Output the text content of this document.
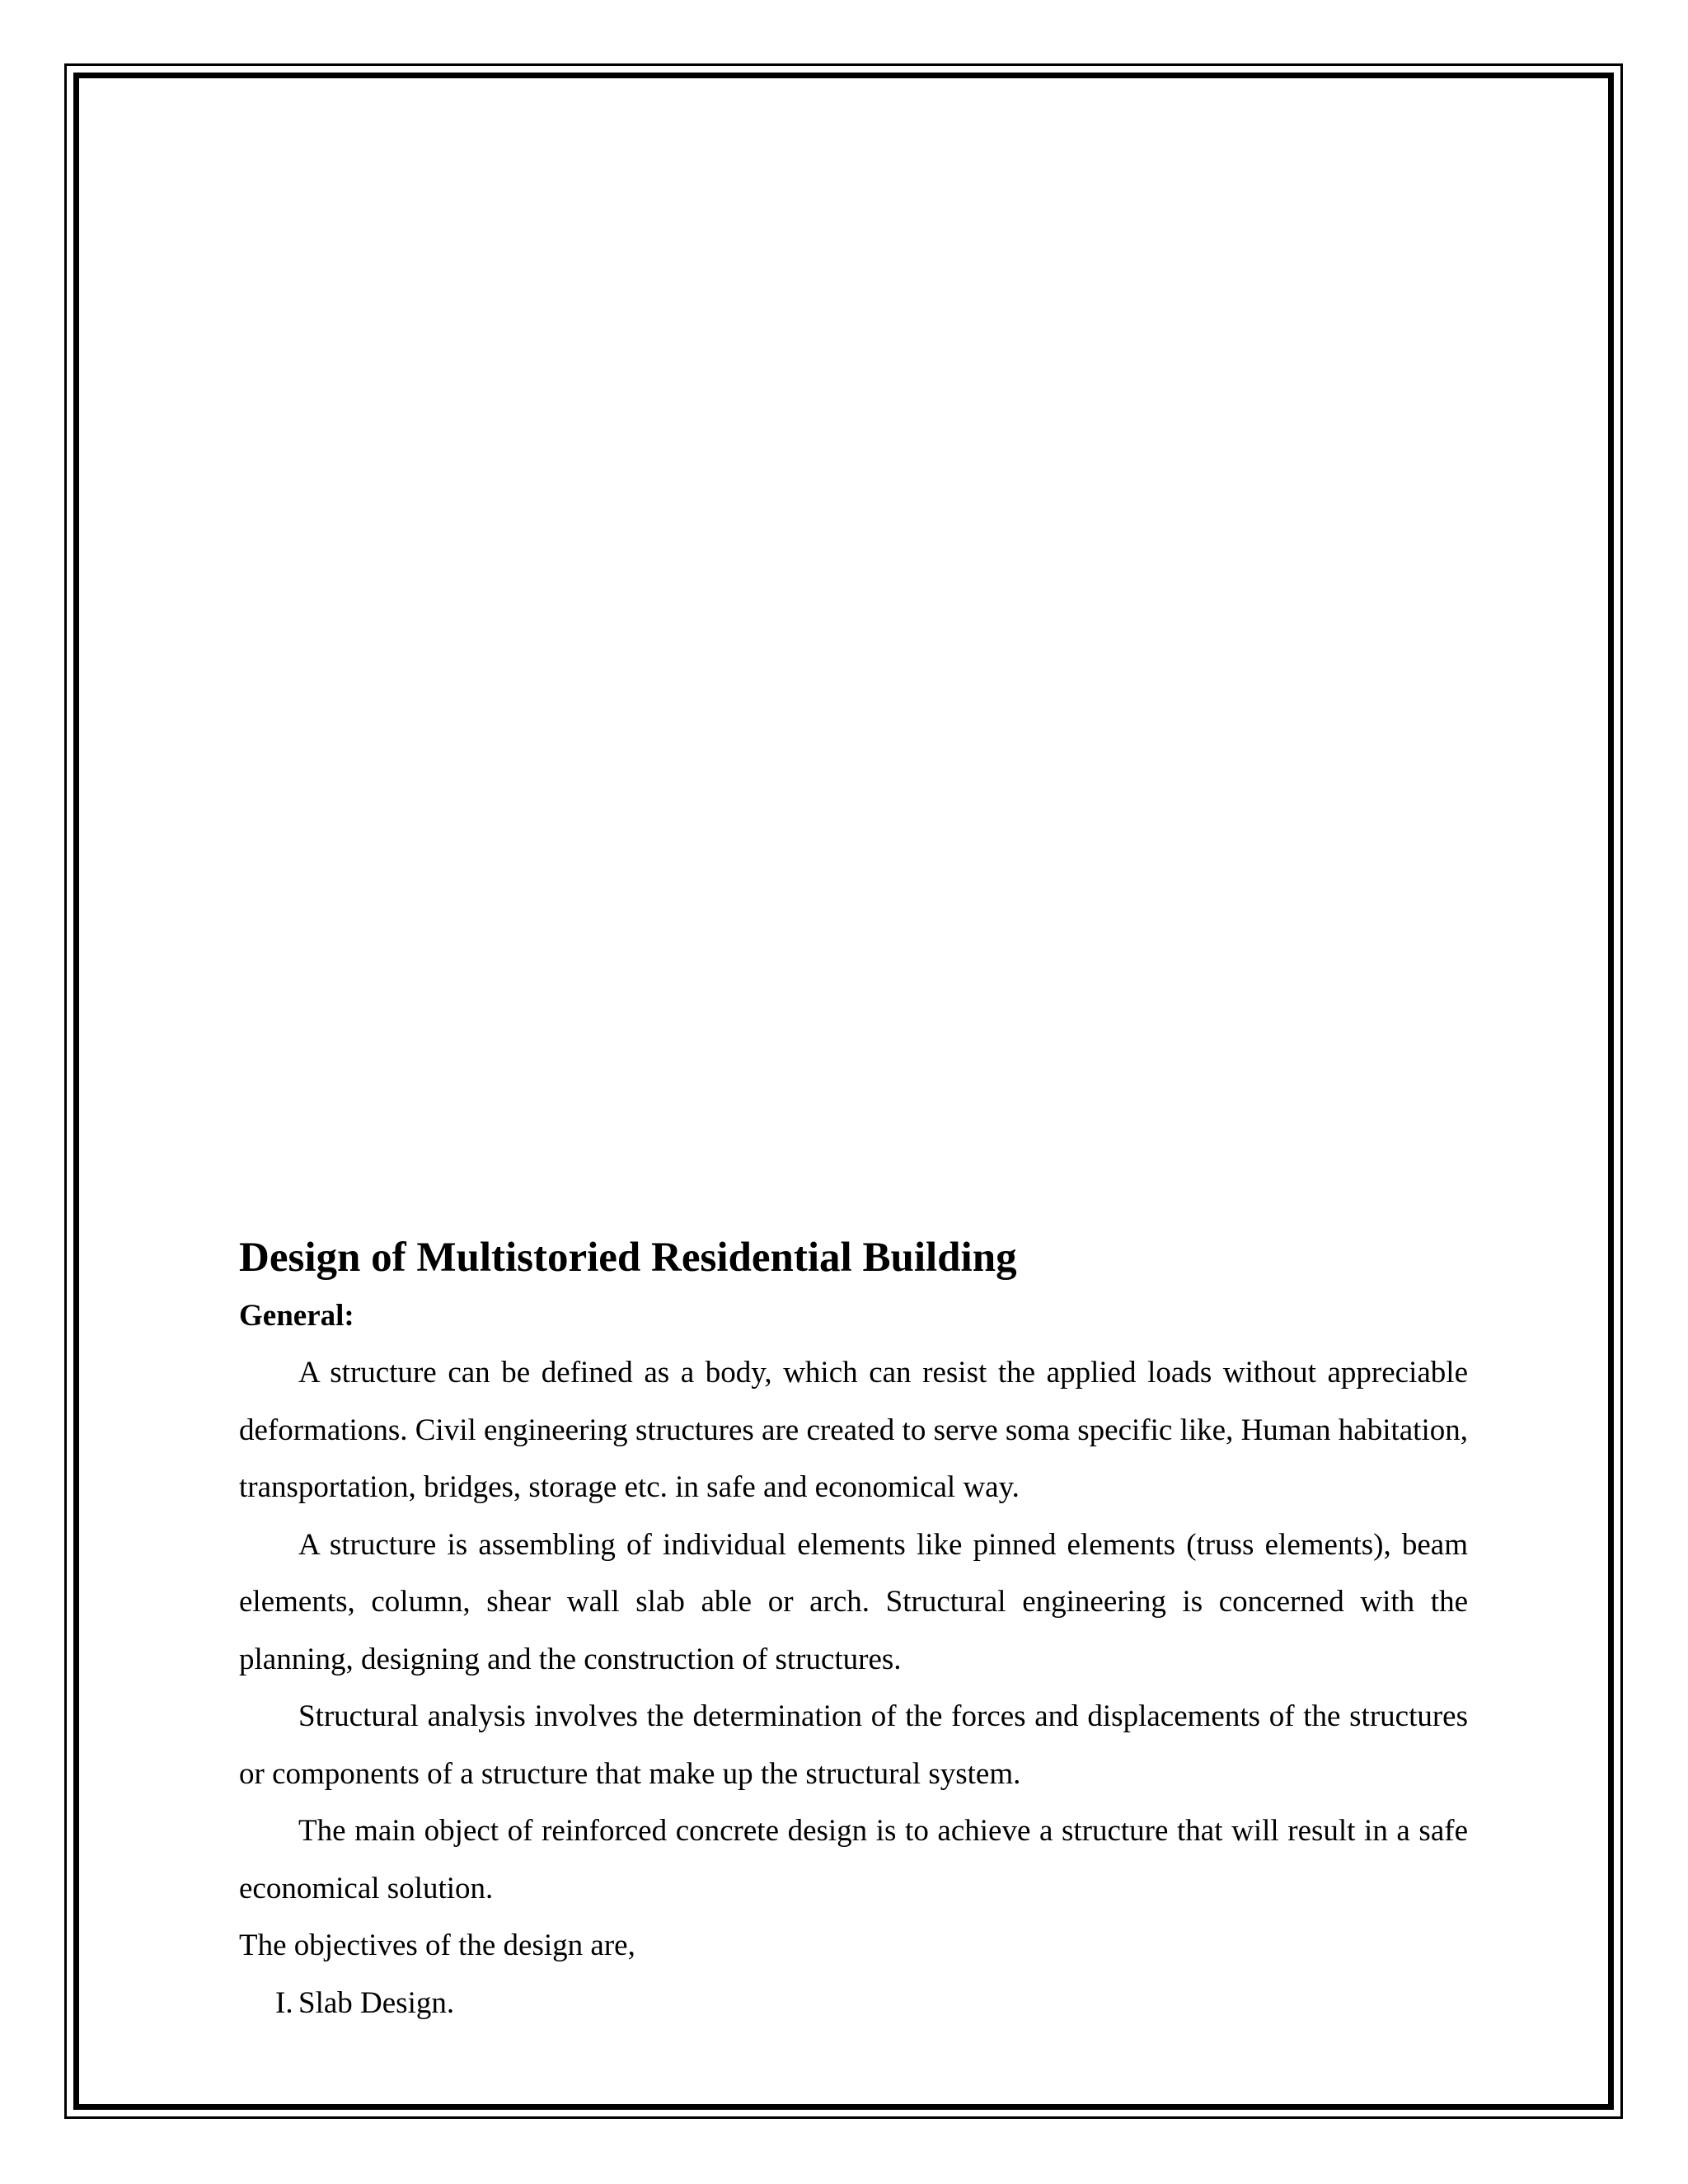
Design of Multistoried Residential Building
General:

A structure can be defined as a body, which can resist the applied loads without appreciable deformations. Civil engineering structures are created to serve soma specific like, Human habitation, transportation, bridges, storage etc. in safe and economical way.

A structure is assembling of individual elements like pinned elements (truss elements), beam elements, column, shear wall slab able or arch. Structural engineering is concerned with the planning, designing and the construction of structures.

Structural analysis involves the determination of the forces and displacements of the structures or components of a structure that make up the structural system.

The main object of reinforced concrete design is to achieve a structure that will result in a safe economical solution.

The objectives of the design are,

I. Slab Design.
